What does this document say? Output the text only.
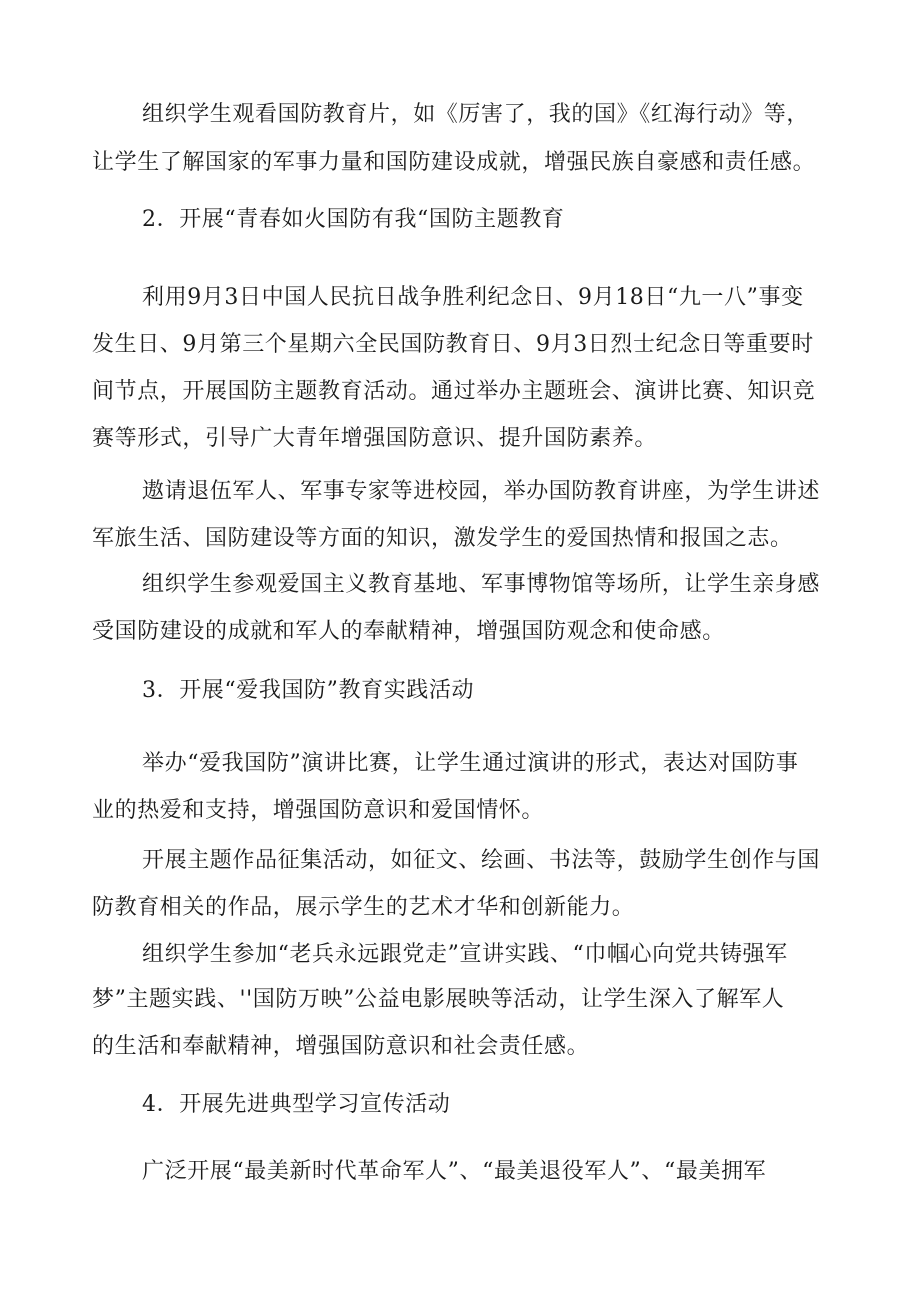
组织学生观看国防教育片，如《厉害了，我的国》《红海行动》等，
让学生了解国家的军事力量和国防建设成就，增强民族自豪感和责任感。
2．开展“青春如火国防有我“国防主题教育
利用9月3日中国人民抗日战争胜利纪念日、9月18日“九一八”事变
发生日、9月第三个星期六全民国防教育日、9月3日烈士纪念日等重要时
间节点，开展国防主题教育活动。通过举办主题班会、演讲比赛、知识竞
赛等形式，引导广大青年增强国防意识、提升国防素养。
遨请退伍军人、军事专家等进校园，举办国防教育讲座，为学生讲述
军旅生活、国防建设等方面的知识，激发学生的爱国热情和报国之志。
组织学生参观爱国主义教育基地、军事博物馆等场所，让学生亲身感
受国防建设的成就和军人的奉献精神，增强国防观念和使命感。
3．开展“爱我国防”教育实践活动
举办“爱我国防”演讲比赛，让学生通过演讲的形式，表达对国防事
业的热爱和支持，增强国防意识和爱国情怀。
开展主题作品征集活动，如征文、绘画、书法等，鼓励学生创作与国
防教育相关的作品，展示学生的艺术才华和创新能力。
组织学生参加“老兵永远跟党走”宣讲实践、“巾帼心向党共铸强军
梦”主题实践、''国防万映”公益电影展映等活动，让学生深入了解军人
的生活和奉献精神，增强国防意识和社会责任感。
4．开展先进典型学习宣传活动
广泛开展“最美新时代革命军人”、“最美退役军人”、“最美拥军
